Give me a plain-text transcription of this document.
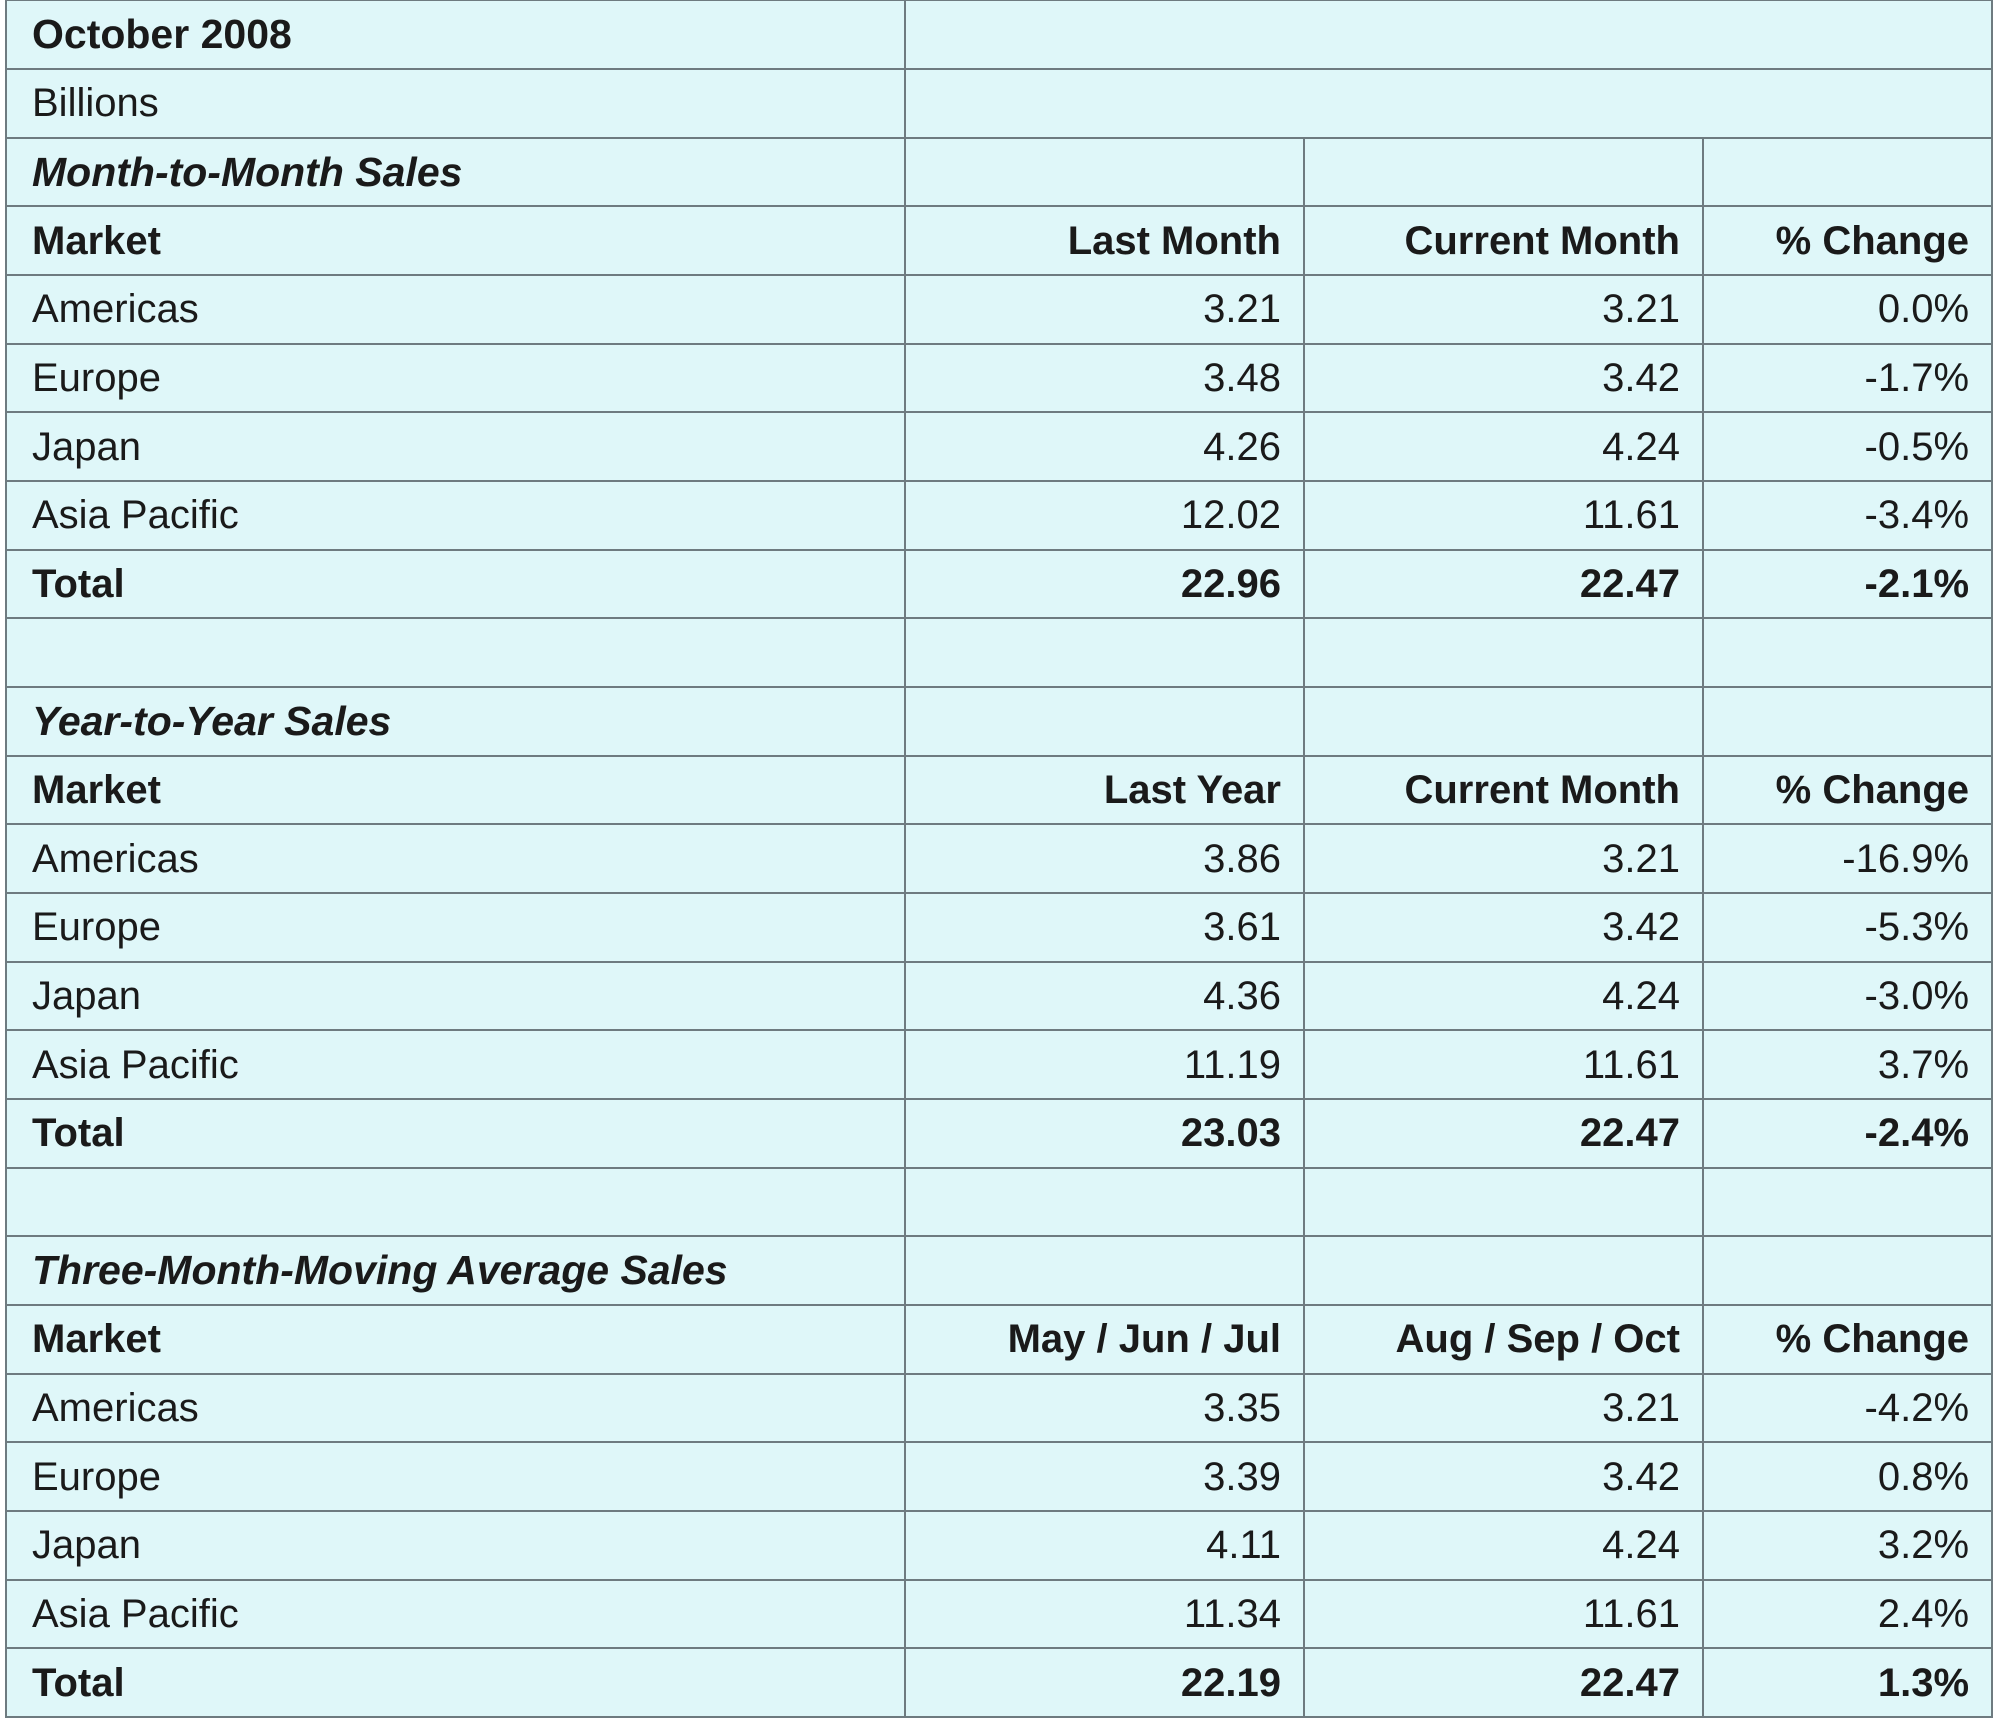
October 2008			
Billions			
Month-to-Month Sales			
Market	Last Month	Current Month	% Change
Americas	3.21	3.21	0.0%
Europe	3.48	3.42	-1.7%
Japan	4.26	4.24	-0.5%
Asia Pacific	12.02	11.61	-3.4%
Total	22.96	22.47	-2.1%

Year-to-Year Sales			
Market	Last Year	Current Month	% Change
Americas	3.86	3.21	-16.9%
Europe	3.61	3.42	-5.3%
Japan	4.36	4.24	-3.0%
Asia Pacific	11.19	11.61	3.7%
Total	23.03	22.47	-2.4%

Three-Month-Moving Average Sales			
Market	May / Jun / Jul	Aug / Sep / Oct	% Change
Americas	3.35	3.21	-4.2%
Europe	3.39	3.42	0.8%
Japan	4.11	4.24	3.2%
Asia Pacific	11.34	11.61	2.4%
Total	22.19	22.47	1.3%
